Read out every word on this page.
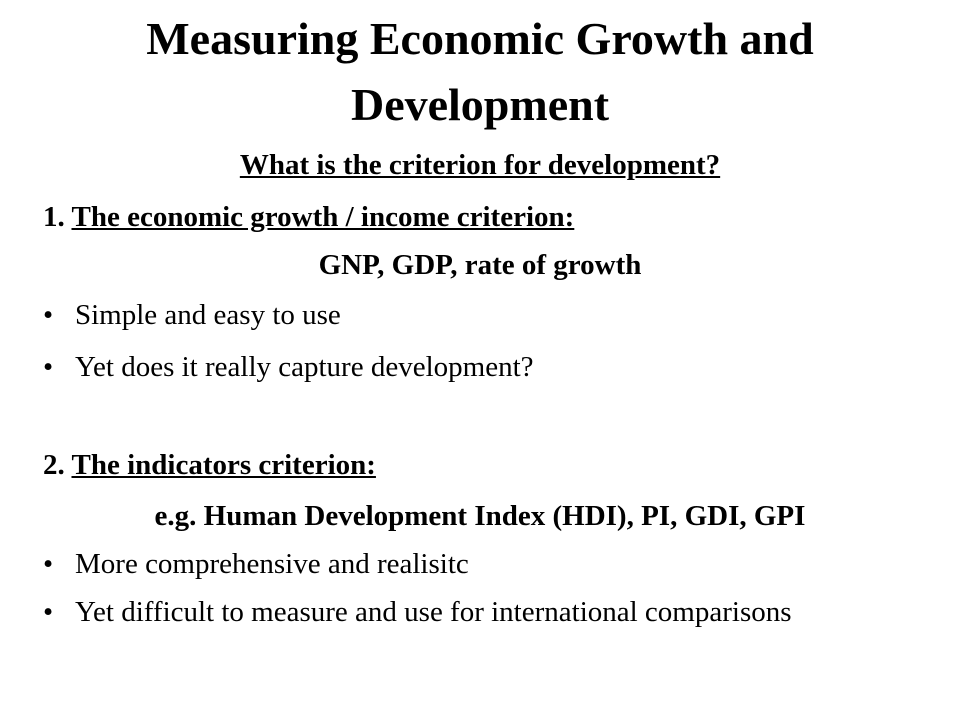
Measuring Economic Growth and
Development
What is the criterion for development?
1. The economic growth / income criterion:
GNP, GDP, rate of growth
• Simple and easy to use
• Yet does it really capture development?
2. The indicators criterion:
e.g. Human Development Index (HDI), PI, GDI, GPI
• More comprehensive and realisitc
• Yet difficult to measure and use for international comparisons
